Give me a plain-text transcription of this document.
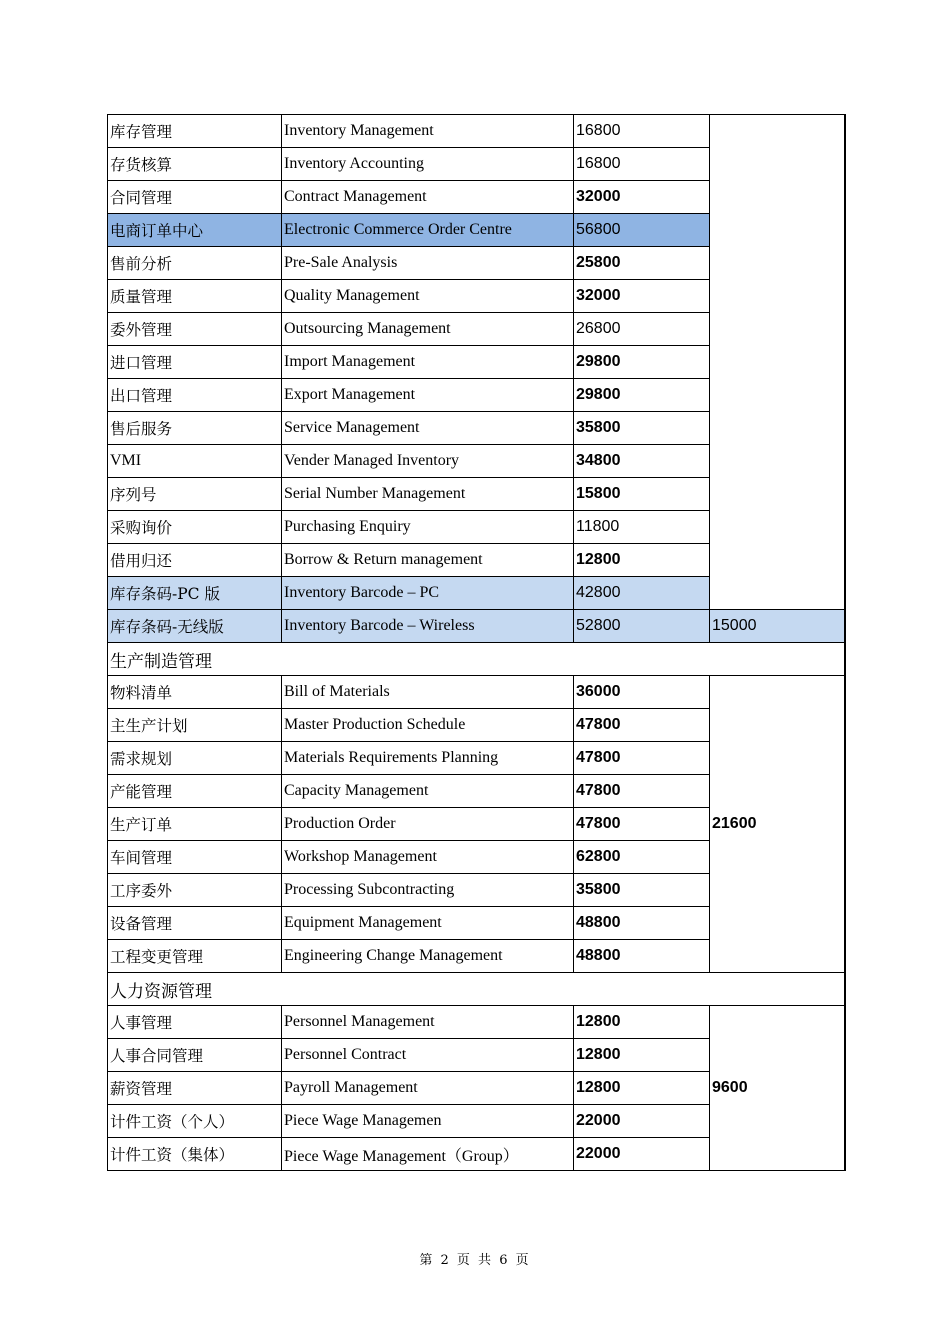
库存管理	Inventory Management	16800	
存货核算	Inventory Accounting	16800	
合同管理	Contract Management	32000	
电商订单中心	Electronic Commerce Order Centre	56800	
售前分析	Pre-Sale Analysis	25800	
质量管理	Quality Management	32000	
委外管理	Outsourcing Management	26800	
进口管理	Import Management	29800	
出口管理	Export Management	29800	
售后服务	Service Management	35800	
VMI	Vender Managed Inventory	34800	
序列号	Serial Number Management	15800	
采购询价	Purchasing Enquiry	11800	
借用归还	Borrow & Return management	12800	
库存条码-PC 版	Inventory Barcode – PC	42800	
库存条码-无线版	Inventory Barcode – Wireless	52800	15000
生产制造管理			
物料清单	Bill of Materials	36000	21600
主生产计划	Master Production Schedule	47800	
需求规划	Materials Requirements Planning	47800	
产能管理	Capacity Management	47800	
生产订单	Production Order	47800	
车间管理	Workshop Management	62800	
工序委外	Processing Subcontracting	35800	
设备管理	Equipment Management	48800	
工程变更管理	Engineering Change Management	48800	
人力资源管理			
人事管理	Personnel Management	12800	9600
人事合同管理	Personnel Contract	12800	
薪资管理	Payroll Management	12800	
计件工资（个人）	Piece Wage Managemen	22000	
计件工资（集体）	Piece Wage Management（Group）	22000	
第 2 页 共 6 页
